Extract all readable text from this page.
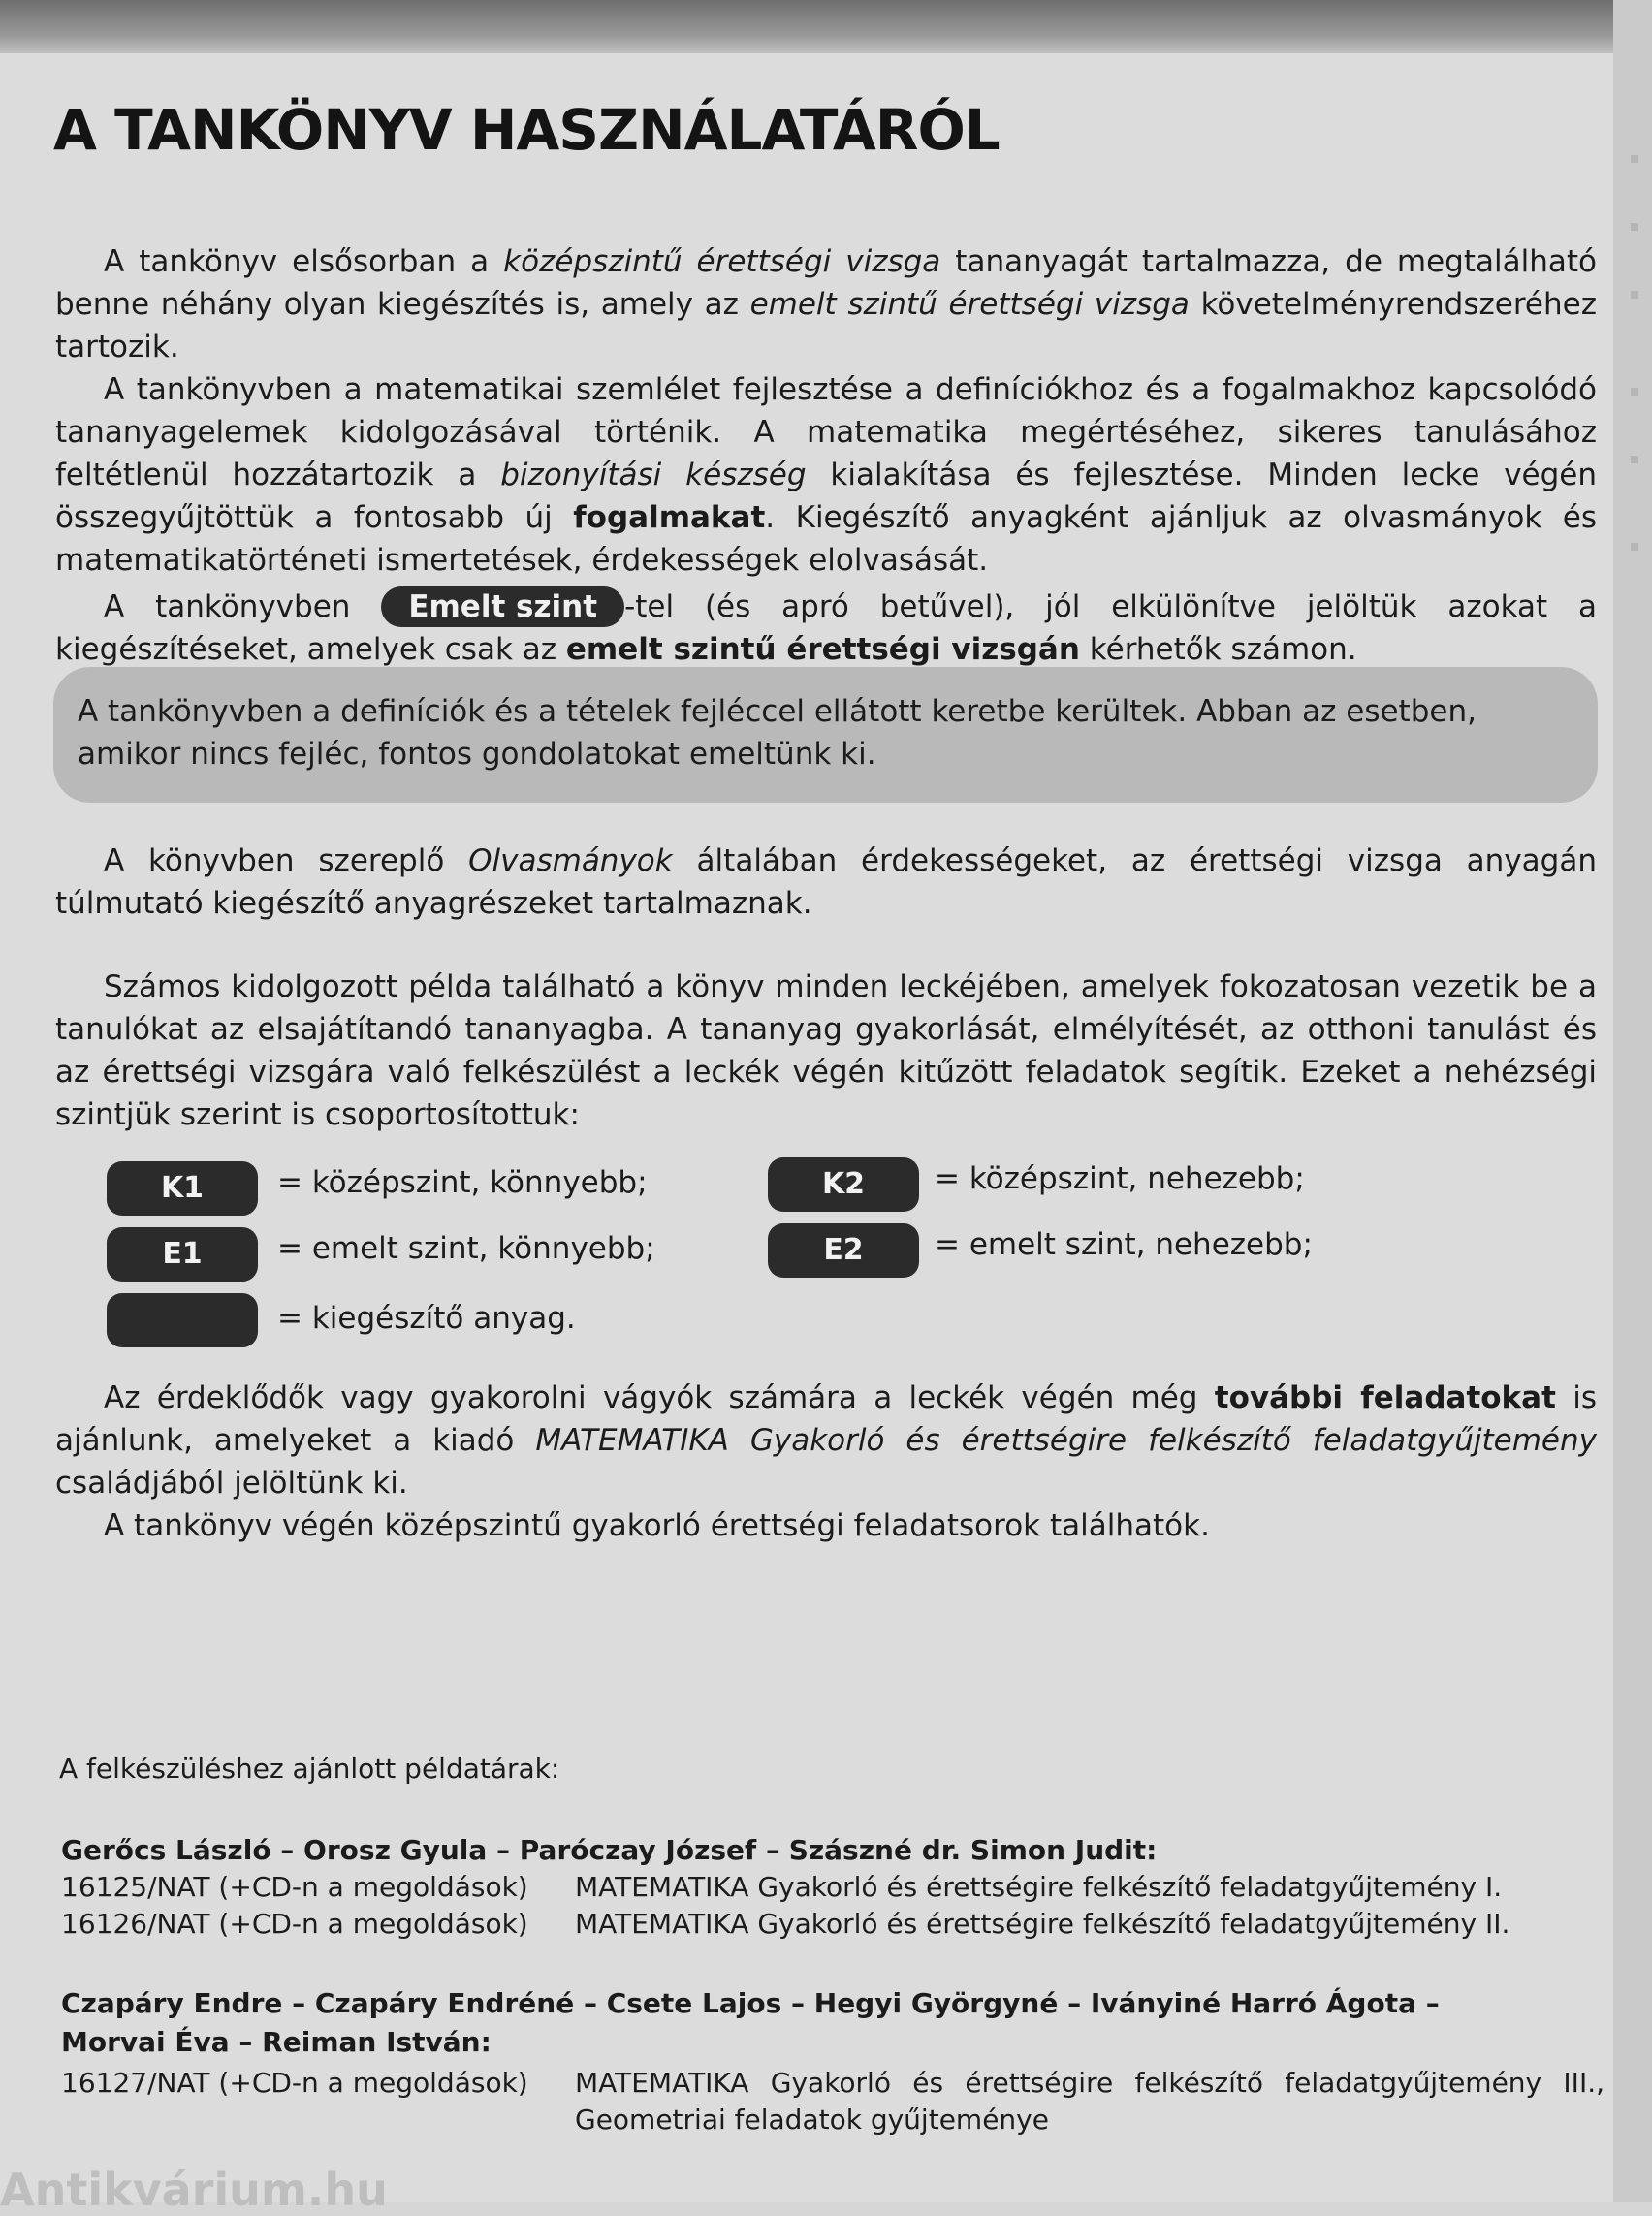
A TANKÖNYV HASZNÁLATÁRÓL

A tankönyv elsősorban a középszintű érettségi vizsga tananyagát tartalmazza, de megtalálható benne néhány olyan kiegészítés is, amely az emelt szintű érettségi vizsga követelményrendszeréhez tartozik.

A tankönyvben a matematikai szemlélet fejlesztése a definíciókhoz és a fogalmakhoz kapcsolódó tananyagelemek kidolgozásával történik. A matematika megértéséhez, sikeres tanulásához feltétlenül hozzátartozik a bizonyítási készség kialakítása és fejlesztése. Minden lecke végén összegyűjtöttük a fontosabb új fogalmakat. Kiegészítő anyagként ajánljuk az olvasmányok és matematikatörténeti ismertetések, érdekességek elolvasását.

A tankönyvben Emelt szint -tel (és apró betűvel), jól elkülönítve jelöltük azokat a kiegészítéseket, amelyek csak az emelt szintű érettségi vizsgán kérhetők számon.

A tankönyvben a definíciók és a tételek fejléccel ellátott keretbe kerültek. Abban az esetben, amikor nincs fejléc, fontos gondolatokat emeltünk ki.

A könyvben szereplő Olvasmányok általában érdekességeket, az érettségi vizsga anyagán túlmutató kiegészítő anyagrészeket tartalmaznak.

Számos kidolgozott példa található a könyv minden leckéjében, amelyek fokozatosan vezetik be a tanulókat az elsajátítandó tananyagba. A tananyag gyakorlását, elmélyítését, az otthoni tanulást és az érettségi vizsgára való felkészülést a leckék végén kitűzött feladatok segítik. Ezeket a nehézségi szintjük szerint is csoportosítottuk:

K1	= középszint, könnyebb;	K2	= középszint, nehezebb;
E1	= emelt szint, könnyebb;	E2	= emelt szint, nehezebb;
= kiegészítő anyag.

Az érdeklődők vagy gyakorolni vágyók számára a leckék végén még további feladatokat is ajánlunk, amelyeket a kiadó MATEMATIKA Gyakorló és érettségire felkészítő feladatgyűjtemény családjából jelöltünk ki.

A tankönyv végén középszintű gyakorló érettségi feladatsorok találhatók.

A felkészüléshez ajánlott példatárak:
Gerőcs László – Orosz Gyula – Paróczay József – Szászné dr. Simon Judit:
16125/NAT (+CD-n a megoldások) MATEMATIKA Gyakorló és érettségire felkészítő feladatgyűjtemény I.
16126/NAT (+CD-n a megoldások) MATEMATIKA Gyakorló és érettségire felkészítő feladatgyűjtemény II.
Czapáry Endre – Czapáry Endréné – Csete Lajos – Hegyi Györgyné – Iványiné Harró Ágota –
Morvai Éva – Reiman István:
16127/NAT (+CD-n a megoldások) MATEMATIKA Gyakorló és érettségire felkészítő feladatgyűjtemény III.,
Geometriai feladatok gyűjteménye
Antikvárium.hu
